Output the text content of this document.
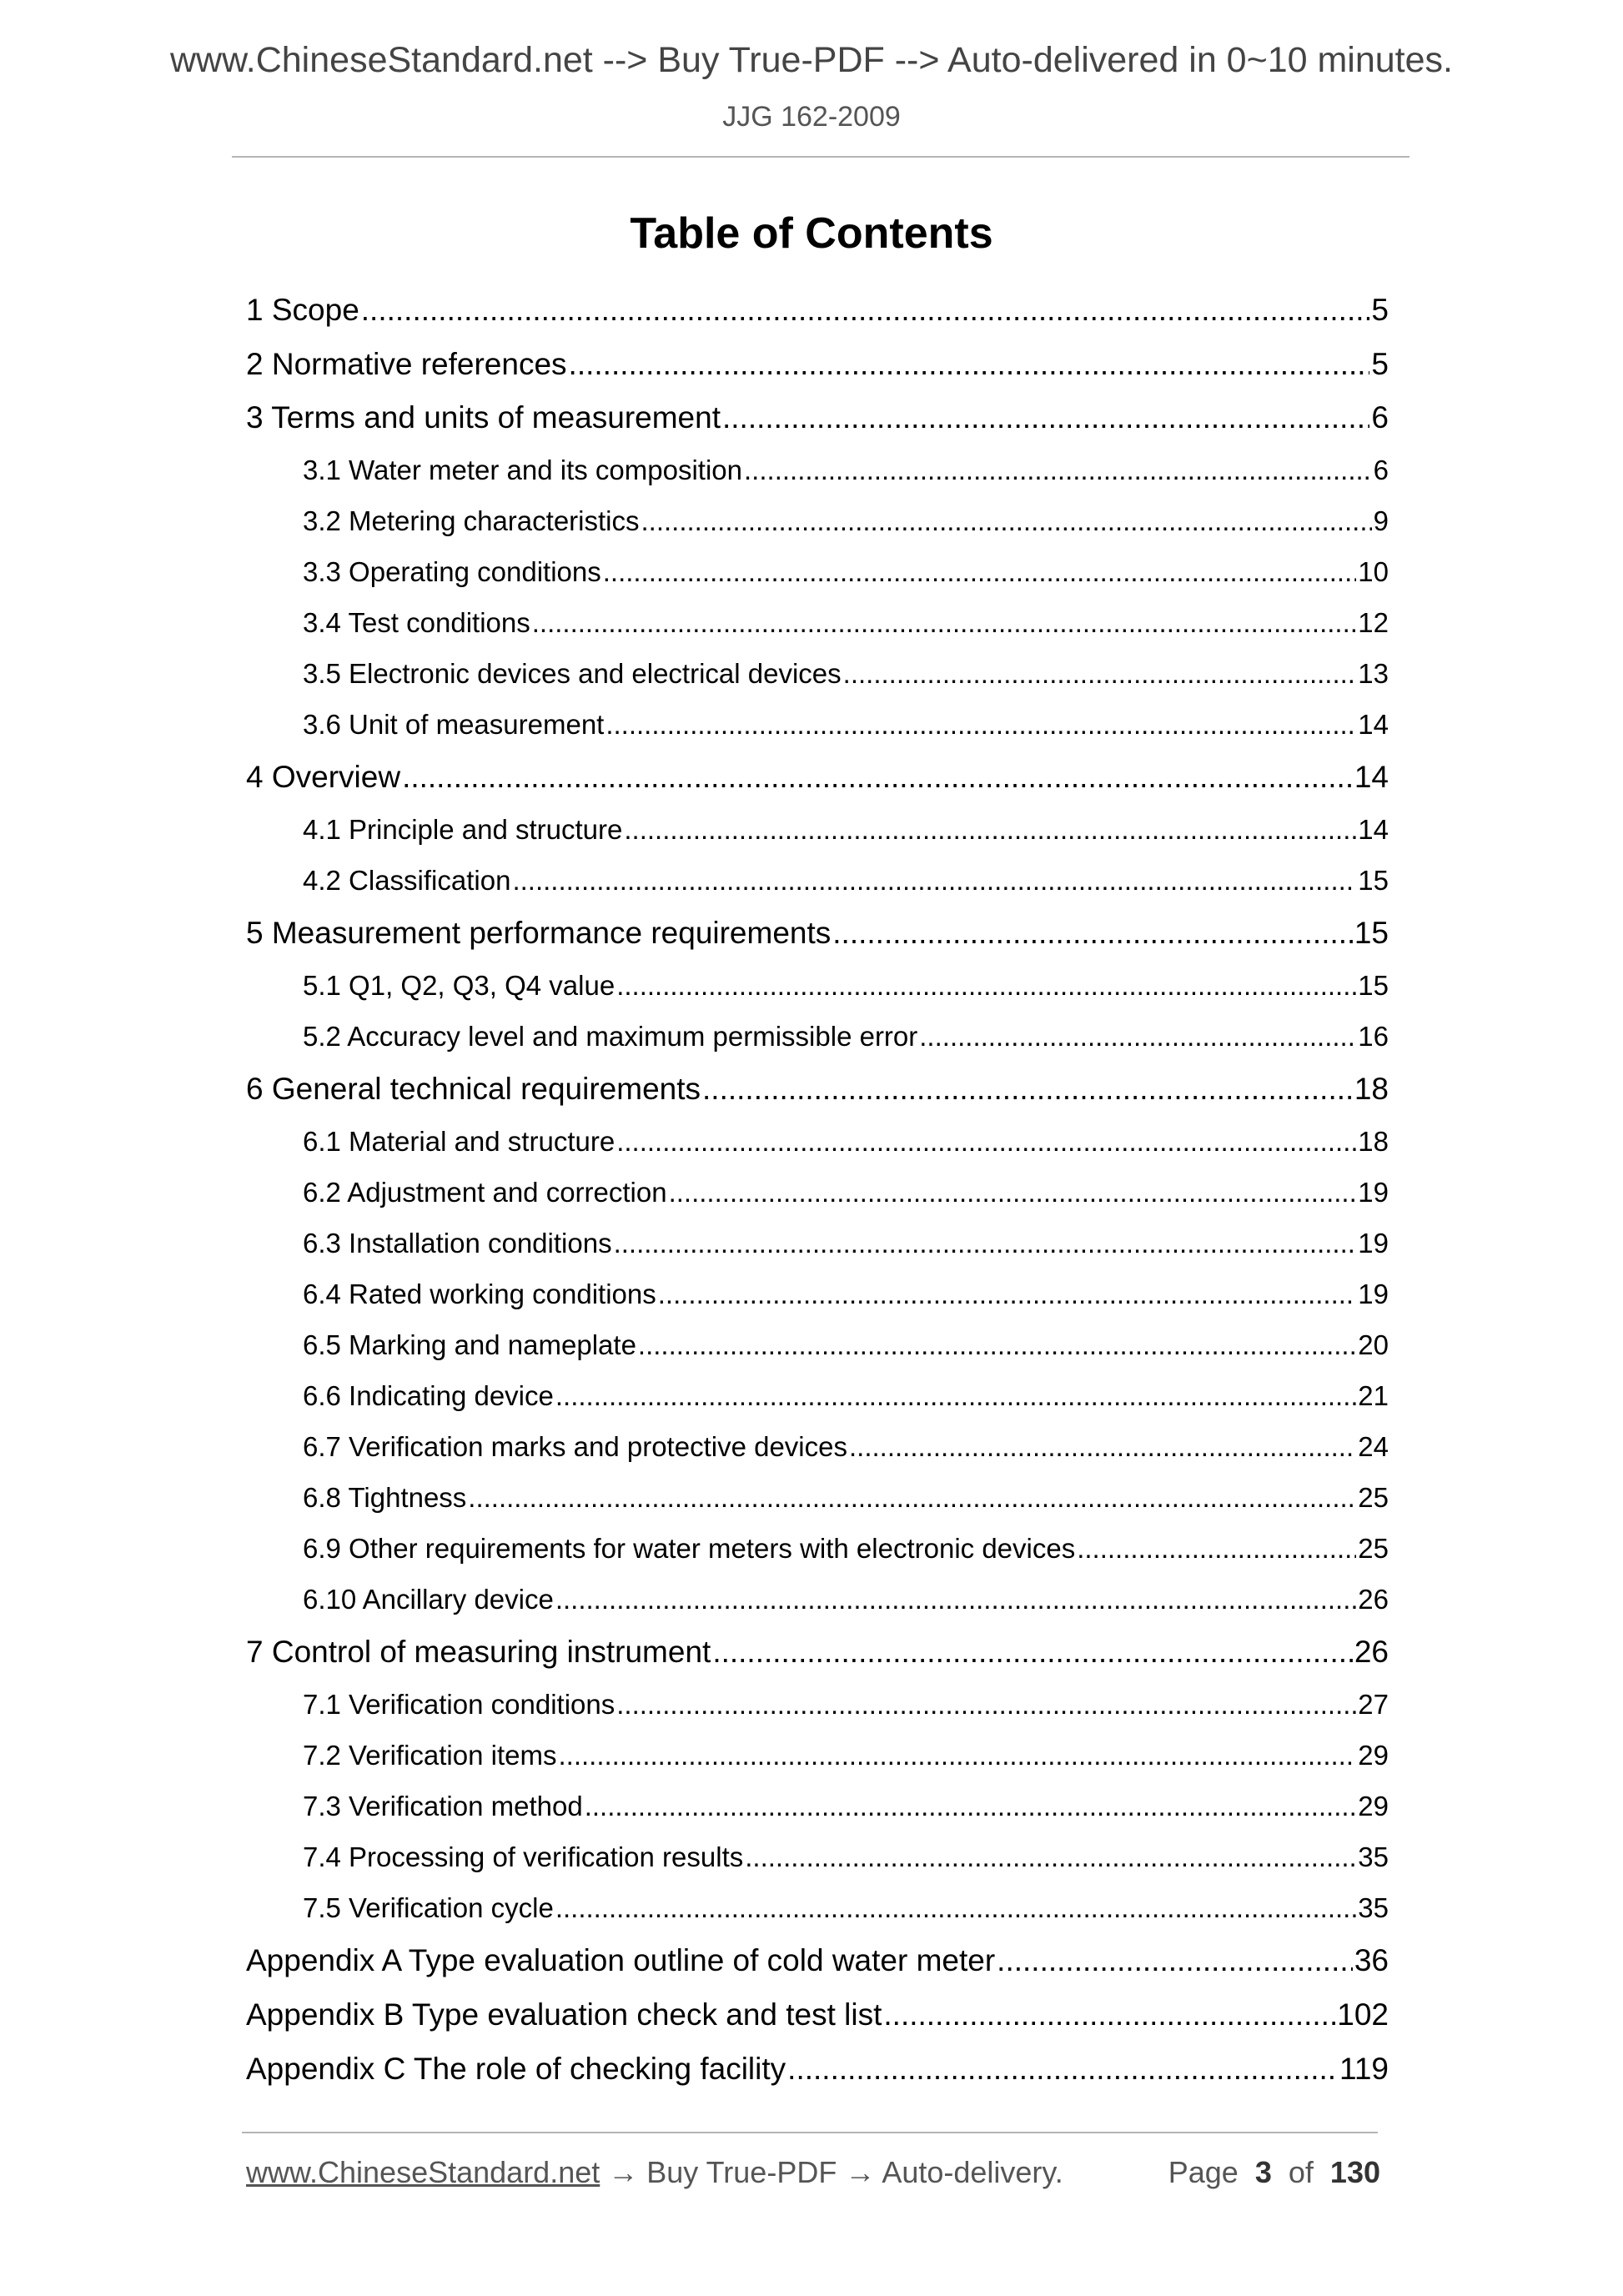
www.ChineseStandard.net --> Buy True-PDF --> Auto-delivered in 0~10 minutes.
JJG 162-2009
Table of Contents
1 Scope .....	5
2 Normative references .....	5
3 Terms and units of measurement .....	6
3.1 Water meter and its composition .....	6
3.2 Metering characteristics .....	9
3.3 Operating conditions .....	10
3.4 Test conditions .....	12
3.5 Electronic devices and electrical devices .....	13
3.6 Unit of measurement .....	14
4 Overview .....	14
4.1 Principle and structure .....	14
4.2 Classification .....	15
5 Measurement performance requirements .....	15
5.1 Q1, Q2, Q3, Q4 value .....	15
5.2 Accuracy level and maximum permissible error .....	16
6 General technical requirements .....	18
6.1 Material and structure .....	18
6.2 Adjustment and correction .....	19
6.3 Installation conditions .....	19
6.4 Rated working conditions .....	19
6.5 Marking and nameplate .....	20
6.6 Indicating device .....	21
6.7 Verification marks and protective devices .....	24
6.8 Tightness .....	25
6.9 Other requirements for water meters with electronic devices .....	25
6.10 Ancillary device .....	26
7 Control of measuring instrument .....	26
7.1 Verification conditions .....	27
7.2 Verification items .....	29
7.3 Verification method .....	29
7.4 Processing of verification results .....	35
7.5 Verification cycle .....	35
Appendix A Type evaluation outline of cold water meter .....	36
Appendix B Type evaluation check and test list .....	102
Appendix C The role of checking facility .....	119
www.ChineseStandard.net → Buy True-PDF → Auto-delivery.	Page 3 of 130
